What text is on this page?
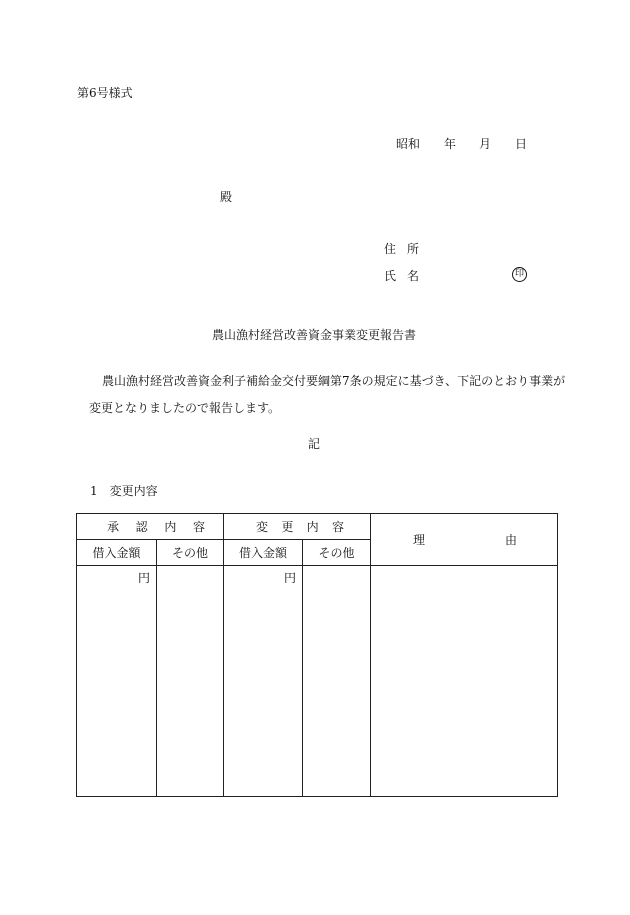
第6号様式
昭和 年 月 日
殿
住 所
氏 名	印
農山漁村経営改善資金事業変更報告書
農山漁村経営改善資金利子補給金交付要綱第7条の規定に基づき、下記のとおり事業が
変更となりましたので報告します。
記
1　変更内容
承 認 内 容		変 更 内 容		理 由

借入金額	その他	借入金額	その他	
円		円		
